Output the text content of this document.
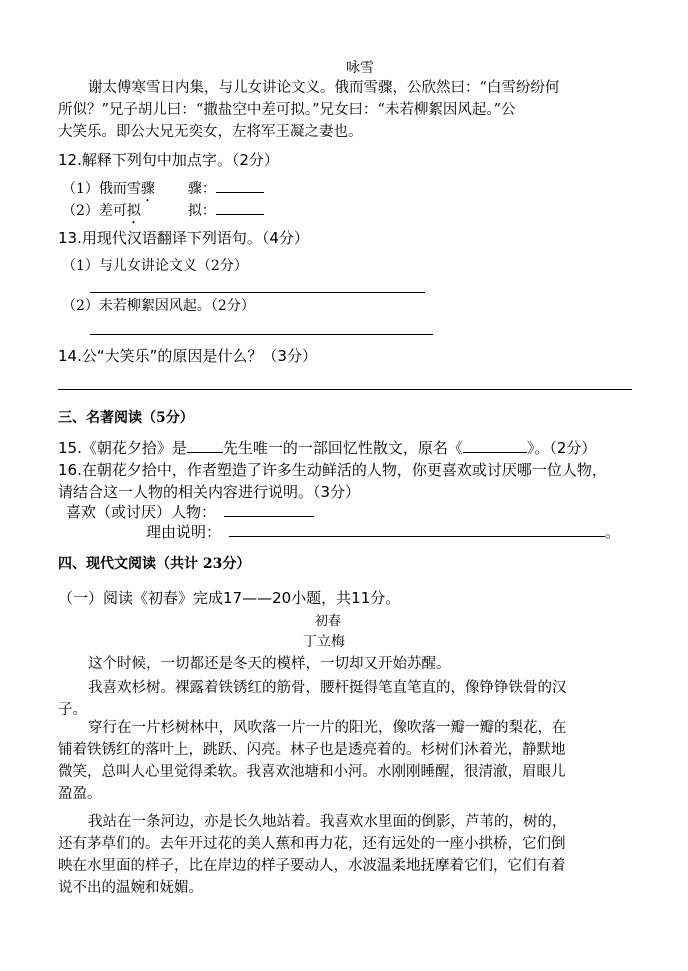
咏雪
谢太傅寒雪日内集，与儿女讲论文义。俄而雪骤，公欣然曰：“白雪纷纷何
所似？”兄子胡儿曰：“撒盐空中差可拟。”兄女曰：“未若柳絮因风起。”公
大笑乐。即公大兄无奕女，左将军王凝之妻也。
12.解释下列句中加点字。（2分）
（1）俄而雪骤 骤：
（2）差可拟	拟：
13.用现代汉语翻译下列语句。（4分）
（1）与儿女讲论文义（2分）
（2）未若柳絮因风起。（2分）
14.公“大笑乐”的原因是什么？（3分）
三、名著阅读（5分）
15.《朝花夕拾》是 先生唯一的一部回忆性散文，原名《	》。（2分）
16.在朝花夕拾中，作者塑造了许多生动鲜活的人物，你更喜欢或讨厌哪一位人物，
请结合这一人物的相关内容进行说明。（3分）
喜欢（或讨厌）人物：
理由说明：	。
四、现代文阅读（共计 23分）
（一）阅读《初春》完成17——20小题，共11分。
初春
丁立梅
这个时候，一切都还是冬天的模样，一切却又开始苏醒。
我喜欢杉树。裸露着铁锈红的筋骨，腰杆挺得笔直笔直的，像铮铮铁骨的汉
子。
穿行在一片杉树林中，风吹落一片一片的阳光，像吹落一瓣一瓣的梨花，在
铺着铁锈红的落叶上，跳跃、闪亮。林子也是透亮着的。杉树们沐着光，静默地
微笑，总叫人心里觉得柔软。我喜欢池塘和小河。水刚刚睡醒，很清澈，眉眼儿
盈盈。
我站在一条河边，亦是长久地站着。我喜欢水里面的倒影，芦苇的，树的，
还有茅草们的。去年开过花的美人蕉和再力花，还有远处的一座小拱桥，它们倒
映在水里面的样子，比在岸边的样子要动人，水波温柔地抚摩着它们，它们有着
说不出的温婉和妩媚。
